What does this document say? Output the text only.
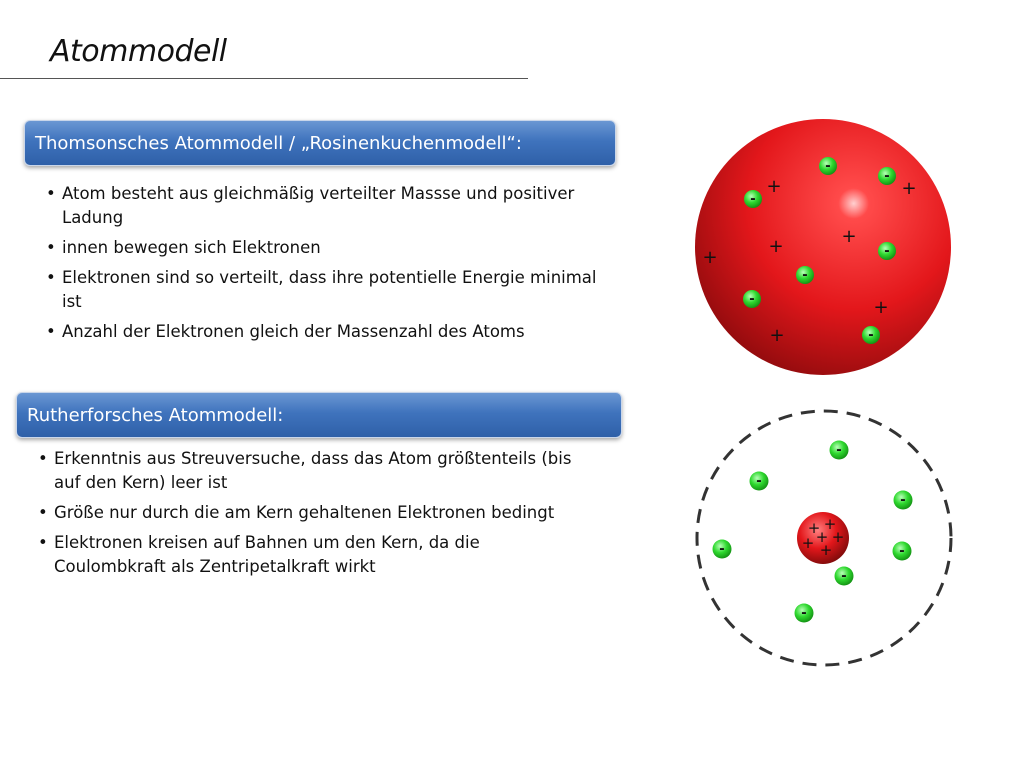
Atommodell
Thomsonsches Atommodell / „Rosinenkuchenmodell“:
• Atom besteht aus gleichmäßig verteilter Massse und positiver Ladung
• innen bewegen sich Elektronen
• Elektronen sind so verteilt, dass ihre potentielle Energie minimal ist
• Anzahl der Elektronen gleich der Massenzahl des Atoms
Rutherforsches Atommodell:
• Erkenntnis aus Streuversuche, dass das Atom größtenteils (bis auf den Kern) leer ist
• Größe nur durch die am Kern gehaltenen Elektronen bedingt
• Elektronen kreisen auf Bahnen um den Kern, da die Coulombkraft als Zentripetalkraft wirkt
+	+
+	+
+
+
+
-
-
-
-
-
-
-
+ +
+ +
+ +
-
-
-
-	-
-
-
